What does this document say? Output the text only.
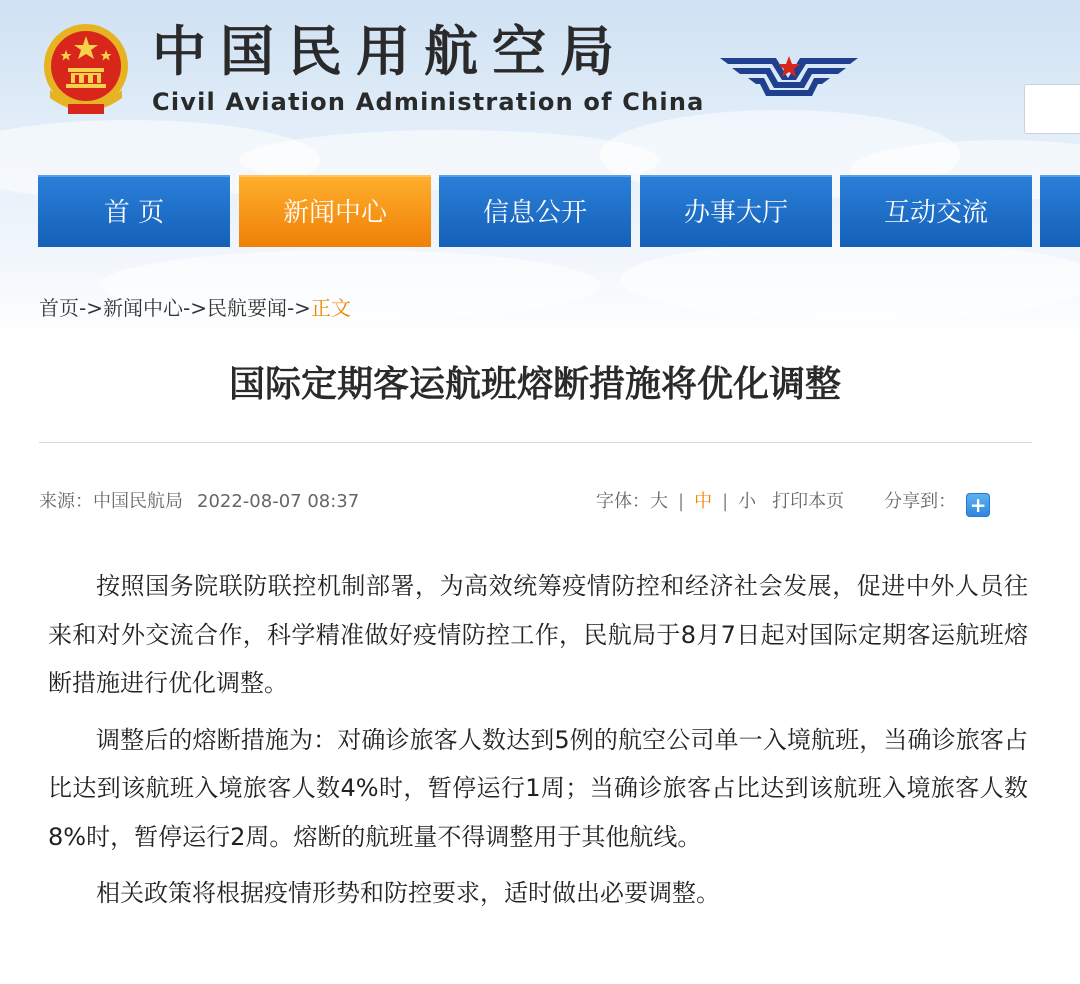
中国民用航空局
Civil Aviation Administration of China
首 页	新闻中心	信息公开	办事大厅	互动交流
首页->新闻中心->民航要闻->正文
国际定期客运航班熔断措施将优化调整
来源：中国民航局 2022-08-07 08:37	字体：大 | 中 | 小 打印本页 分享到： +

按照国务院联防联控机制部署，为高效统筹疫情防控和经济社会发展，促进中外人员往来和对外交流合作，科学精准做好疫情防控工作，民航局于8月7日起对国际定期客运航班熔断措施进行优化调整。

调整后的熔断措施为：对确诊旅客人数达到5例的航空公司单一入境航班，当确诊旅客占比达到该航班入境旅客人数4%时，暂停运行1周；当确诊旅客占比达到该航班入境旅客人数8%时，暂停运行2周。熔断的航班量不得调整用于其他航线。

相关政策将根据疫情形势和防控要求，适时做出必要调整。
